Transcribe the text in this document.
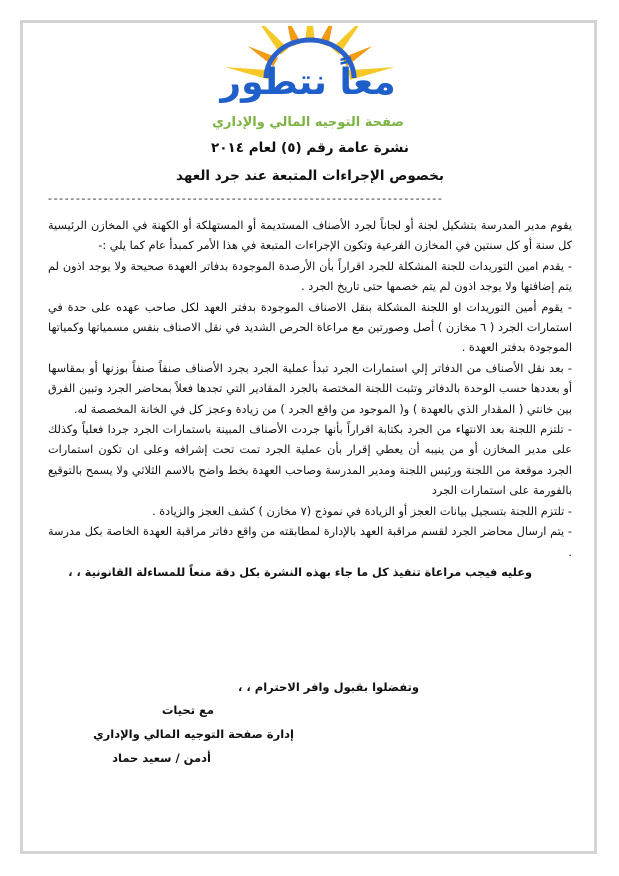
معاً نتطور
صفحة التوجيه المالي والإداري
نشرة عامة رقم (٥) لعام ٢٠١٤
بخصوص الإجراءات المتبعة عند جرد العهد
-----------------------------------------------------------------------

يقوم مدير المدرسة بتشكيل لجنة أو لجاناً لجرد الأصناف المستديمة أو المستهلكة أو الكهنة في المخازن الرئيسية كل سنة أو كل سنتين في المخازن الفرعية وتكون الإجراءات المتبعة في هذا الأمر كمبدأ عام كما يلي :-

- يقدم امين التوريدات للجنة المشكلة للجرد اقراراً بأن الأرصدة الموجودة بدفاتر العهدة صحيحة ولا يوجد اذون لم يتم إضافتها ولا يوجد اذون لم يتم خصمها حتى تاريخ الجرد .

- يقوم أمين التوريدات او اللجنة المشكلة بنقل الاصناف الموجودة بدفتر العهد لكل صاحب عهده على حدة في استمارات الجرد ( ٦ مخازن ) أصل وصورتين مع مراعاة الحرص الشديد في نقل الاصناف بنفس مسمياتها وكمياتها الموجودة بدفتر العهدة .

- بعد نقل الأصناف من الدفاتر إلي استمارات الجرد تبدأ عملية الجرد بجرد الأصناف صنفاً صنفاً بوزنها أو بمقاسها أو بعددها حسب الوحدة بالدفاتر وتثبت اللجنة المختصة بالجرد المقادير التي تجدها فعلاً بمحاضر الجرد وتبين الفرق بين خانتي ( المقدار الذي بالعهدة ) و( الموجود من واقع الجرد ) من زيادة وعجز كل في الخانة المخصصة له.

- تلتزم اللجنة بعد الانتهاء من الجرد بكتابة اقراراً بأنها جردت الأصناف المبينة باستمارات الجرد جردا فعلياً وكذلك على مدير المخازن أو من ينيبه أن يعطي إقرار بأن عملية الجرد تمت تحت إشرافه وعلى ان تكون استمارات الجرد موقعة من اللجنة ورئيس اللجنة ومدير المدرسة وصاحب العهدة بخط واضح بالاسم الثلاثي ولا يسمح بالتوقيع بالفورمة على استمارات الجرد

- تلتزم اللجنة بتسجيل بيانات العجز أو الزيادة في نموذج (٧ مخازن ) كشف العجز والزيادة .

- يتم ارسال محاضر الجرد لقسم مراقبة العهد بالإدارة لمطابقته من واقع دفاتر مراقبة العهدة الخاصة بكل مدرسة .

وعليه فيجب مراعاة تنفيذ كل ما جاء بهذه النشرة بكل دقة منعاً للمساءلة القانونية ، ،

وتفضلوا بقبول وافر الاحترام ، ،
مع تحيات
إدارة صفحة التوجيه المالي والإداري
أدمن / سعيد حماد
